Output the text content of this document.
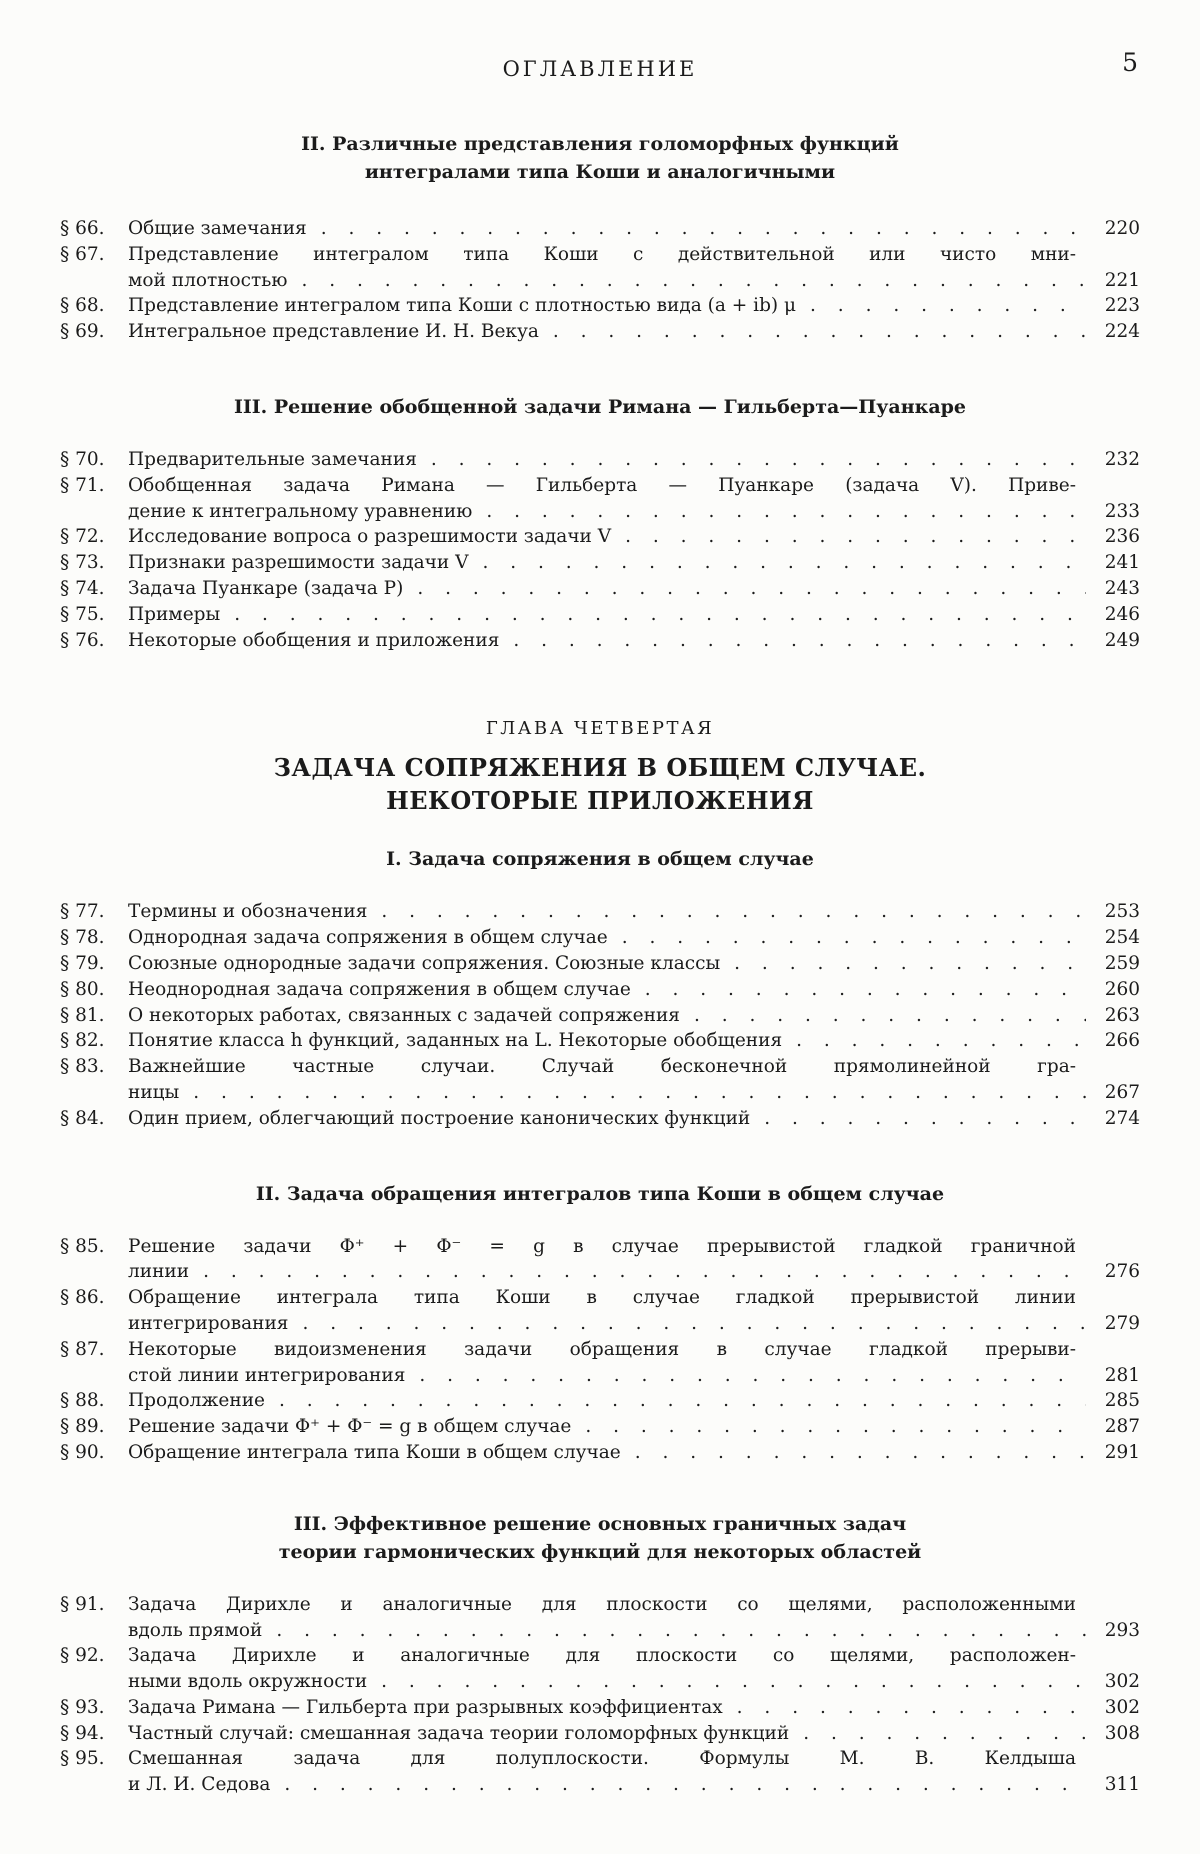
ОГЛАВЛЕНИЕ	5
II. Различные представления голоморфных функций
интегралами типа Коши и аналогичными
§ 66.	Общие замечания . . .	220
§ 67.	Представление интегралом типа Коши с действительной или чисто мни-
мой плотностью . . .	221
§ 68.	Представление интегралом типа Коши с плотностью вида (a + ib) μ . . .	223
§ 69.	Интегральное представление И. Н. Векуа . . .	224
III. Решение обобщенной задачи Римана — Гильберта—Пуанкаре
§ 70.	Предварительные замечания . . .	232
§ 71.	Обобщенная задача Римана — Гильберта — Пуанкаре (задача V). Приве-
дение к интегральному уравнению . . .	233
§ 72.	Исследование вопроса о разрешимости задачи V . . .	236
§ 73.	Признаки разрешимости задачи V . . .	241
§ 74.	Задача Пуанкаре (задача P) . . .	243
§ 75.	Примеры . . .	246
§ 76.	Некоторые обобщения и приложения . . .	249
ГЛАВА ЧЕТВЕРТАЯ
ЗАДАЧА СОПРЯЖЕНИЯ В ОБЩЕМ СЛУЧАЕ.
НЕКОТОРЫЕ ПРИЛОЖЕНИЯ
I. Задача сопряжения в общем случае
§ 77.	Термины и обозначения . . .	253
§ 78.	Однородная задача сопряжения в общем случае . . .	254
§ 79.	Союзные однородные задачи сопряжения. Союзные классы . . .	259
§ 80.	Неоднородная задача сопряжения в общем случае . . .	260
§ 81.	О некоторых работах, связанных с задачей сопряжения . . .	263
§ 82.	Понятие класса h функций, заданных на L. Некоторые обобщения . . .	266
§ 83.	Важнейшие частные случаи. Случай бесконечной прямолинейной гра-
ницы . . .	267
§ 84.	Один прием, облегчающий построение канонических функций . . .	274
II. Задача обращения интегралов типа Коши в общем случае
§ 85.	Решение задачи Φ⁺ + Φ⁻ = g в случае прерывистой гладкой граничной
линии . . .	276
§ 86.	Обращение интеграла типа Коши в случае гладкой прерывистой линии
интегрирования . . .	279
§ 87.	Некоторые видоизменения задачи обращения в случае гладкой прерыви-
стой линии интегрирования . . .	281
§ 88.	Продолжение . . .	285
§ 89.	Решение задачи Φ⁺ + Φ⁻ = g в общем случае . . .	287
§ 90.	Обращение интеграла типа Коши в общем случае . . .	291
III. Эффективное решение основных граничных задач
теории гармонических функций для некоторых областей
§ 91.	Задача Дирихле и аналогичные для плоскости со щелями, расположенными
вдоль прямой . . .	293
§ 92.	Задача Дирихле и аналогичные для плоскости со щелями, расположен-
ными вдоль окружности . . .	302
§ 93.	Задача Римана — Гильберта при разрывных коэффициентах . . .	302
§ 94.	Частный случай: смешанная задача теории голоморфных функций . . .	308
§ 95.	Смешанная задача для полуплоскости. Формулы М. В. Келдыша
и Л. И. Седова . . .	311
